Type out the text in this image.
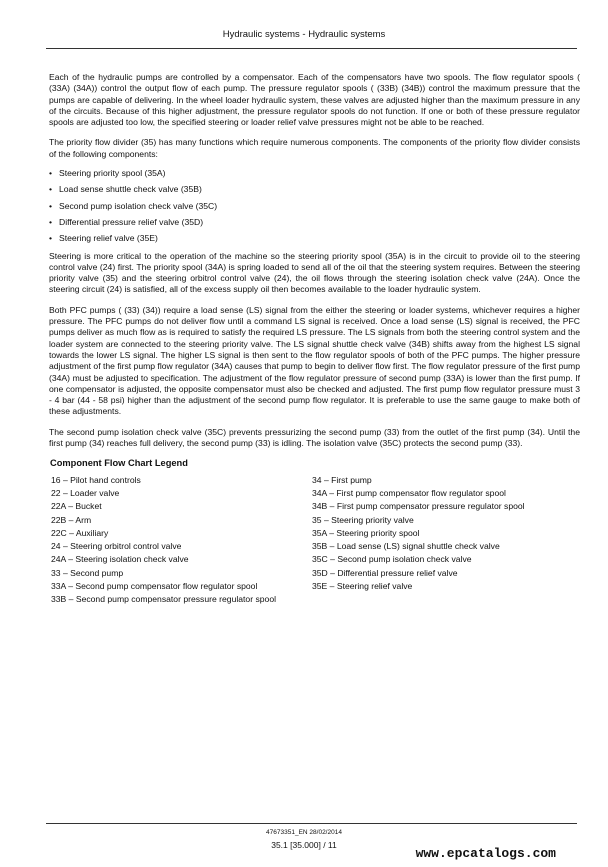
Hydraulic systems - Hydraulic systems

Each of the hydraulic pumps are controlled by a compensator. Each of the compensators have two spools. The flow regulator spools ( (33A) (34A)) control the output flow of each pump. The pressure regulator spools ( (33B) (34B)) control the maximum pressure that the pumps are capable of delivering. In the wheel loader hydraulic system, these valves are adjusted higher than the maximum pressure in any of the circuits. Because of this higher adjustment, the pressure regulator spools do not function. If one or both of these pressure regulator spools are adjusted too low, the specified steering or loader relief valve pressures might not be able to be reached.

The priority flow divider (35) has many functions which require numerous components. The components of the priority flow divider consists of the following components:

• Steering priority spool (35A)
• Load sense shuttle check valve (35B)
• Second pump isolation check valve (35C)
• Differential pressure relief valve (35D)
• Steering relief valve (35E)

Steering is more critical to the operation of the machine so the steering priority spool (35A) is in the circuit to provide oil to the steering control valve (24) first. The priority spool (34A) is spring loaded to send all of the oil that the steering system requires. Between the steering priority valve (35) and the steering orbitrol control valve (24), the oil flows through the steering isolation check valve (24A). Once the steering circuit (24) is satisfied, all of the excess supply oil then becomes available to the loader hydraulic system.

Both PFC pumps ( (33) (34)) require a load sense (LS) signal from the either the steering or loader systems, whichever requires a higher pressure. The PFC pumps do not deliver flow until a command LS signal is received. Once a load sense (LS) signal is received, the PFC pumps deliver as much flow as is required to satisfy the required LS pressure. The LS signals from both the steering control system and the loader system are connected to the steering priority valve. The LS signal shuttle check valve (34B) shifts away from the highest LS signal towards the lower LS signal. The higher LS signal is then sent to the flow regulator spools of both of the PFC pumps. The higher pressure adjustment of the first pump flow regulator (34A) causes that pump to begin to deliver flow first. The flow regulator pressure of the first pump (34A) must be adjusted to specification. The adjustment of the flow regulator pressure of second pump (33A) is lower than the first pump. If one compensator is adjusted, the opposite compensator must also be checked and adjusted. The first pump flow regulator pressure must 3 - 4 bar (44 - 58 psi) higher than the adjustment of the second pump flow regulator. It is preferable to use the same gauge to make both of these adjustments.

The second pump isolation check valve (35C) prevents pressurizing the second pump (33) from the outlet of the first pump (34). Until the first pump (34) reaches full delivery, the second pump (33) is idling. The isolation valve (35C) protects the second pump (33).

Component Flow Chart Legend
16 – Pilot hand controls
22 – Loader valve
22A – Bucket
22B – Arm
22C – Auxiliary
24 – Steering orbitrol control valve
24A – Steering isolation check valve
33 – Second pump
33A – Second pump compensator flow regulator spool
33B – Second pump compensator pressure regulator spool
34 – First pump
34A – First pump compensator flow regulator spool
34B – First pump compensator pressure regulator spool
35 – Steering priority valve
35A – Steering priority spool
35B – Load sense (LS) signal shuttle check valve
35C – Second pump isolation check valve
35D – Differential pressure relief valve
35E – Steering relief valve
47673351_EN 28/02/2014
35.1 [35.000] / 11
www.epcatalogs.com
